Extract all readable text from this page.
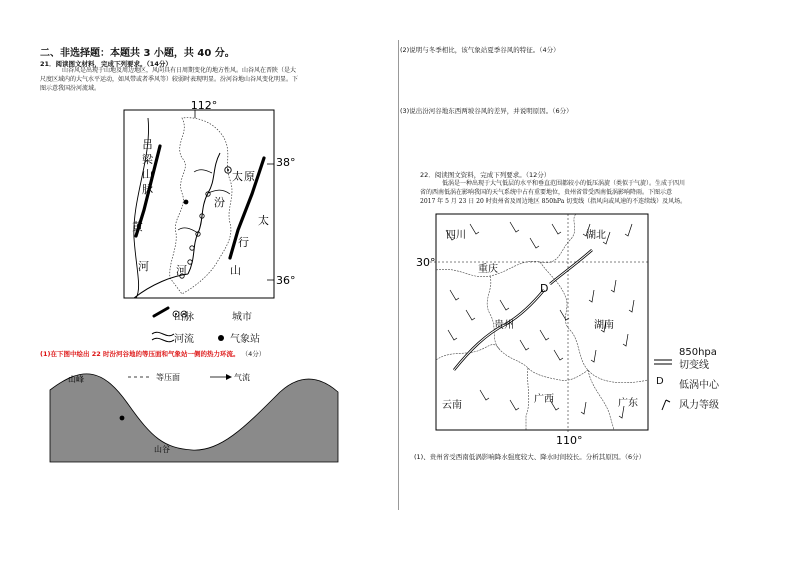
二、非选择题：本题共 3 小题，共 40 分。
21．阅读图文材料，完成下列要求。（14分）
山谷风是出现于山地及周边地区，风向具有日周期变化的地方性风。山谷风在晋陕（是大
尺度区域内的大气水平运动，如风带或者季风等）较弱时表现明显。汾河谷地山谷风变化明显。下
图示意我国汾河流域。
112°
38°
36°
吕
梁
山
脉
黄
河
太 原
汾
太
行
山
河
山脉	城市
河流	气象站
(1)在下图中绘出 22 时汾河谷地的等压面和气象站一侧的热力环流。 （4分）
山峰	等压面	气流
山谷
(2)说明与冬季相比，该气象站夏季谷风的特征。（4分）
(3)说出汾河谷地东西两坡谷风的差异，并说明原因。（6分）
22．阅读图文资料，完成下列要求。（12分）
低涡是一种出现于大气低层的水平和垂直范围都较小的低压涡旋（类似于气旋）。生成于四川
省的西南低涡在影响我国的天气系统中占有重要地位，贵州省常受西南低涡影响降雨。下图示意
2017 年 5 月 23 日 20 时贵州省及周边地区 850hPa 切变线（指风向或风速的不连续线）及风场。
四川	湖北
重庆
贵州	湖南
云南
广西	广东
30°
110°
D
850hpa
切变线
D 低涡中心
风力等级
(1)、贵州省受西南低涡影响降水强度较大、降水时间较长。分析其原因。（6分）
